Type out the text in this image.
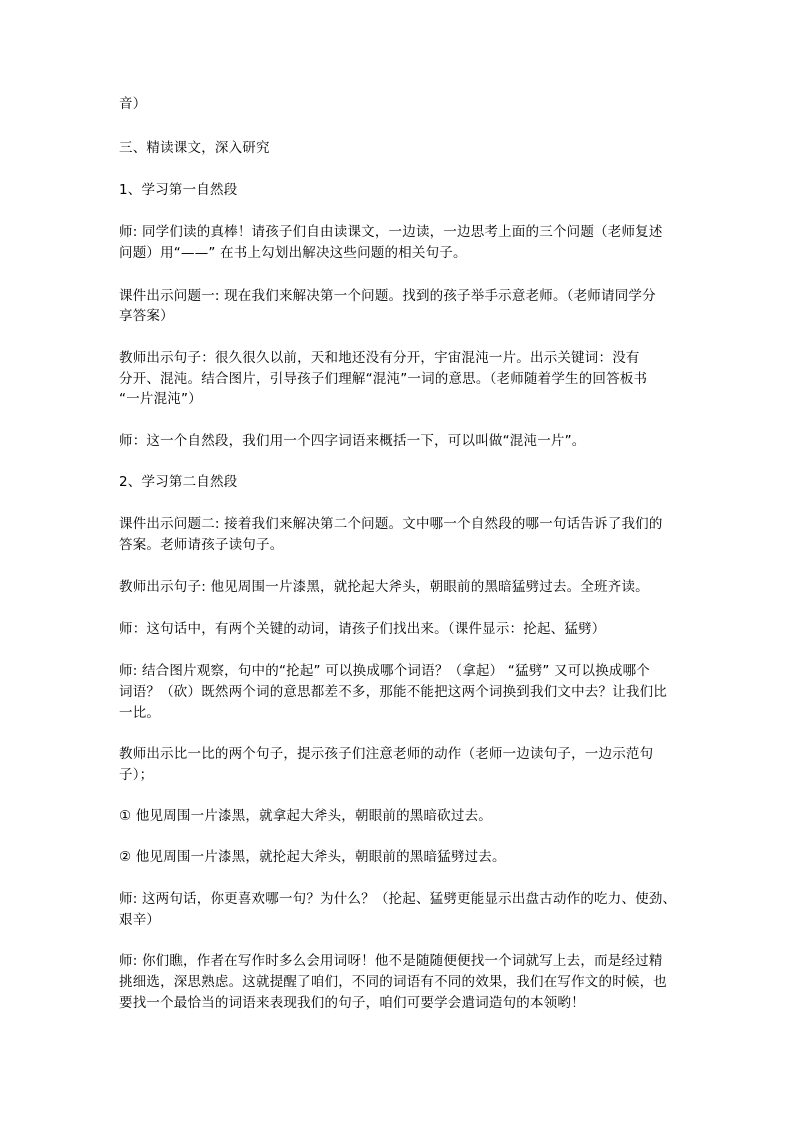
音）
三、精读课文，深入研究
1、学习第一自然段
师: 同学们读的真棒！请孩子们自由读课文，一边读，一边思考上面的三个问题（老师复述
问题）用“——” 在书上勾划出解决这些问题的相关句子。
课件出示问题一: 现在我们来解决第一个问题。找到的孩子举手示意老师。（老师请同学分
享答案）
教师出示句子：很久很久以前，天和地还没有分开，宇宙混沌一片。出示关键词：没有
分开、混沌。结合图片，引导孩子们理解“混沌”一词的意思。（老师随着学生的回答板书
“一片混沌”）
师：这一个自然段，我们用一个四字词语来概括一下，可以叫做“混沌一片”。
2、学习第二自然段
课件出示问题二: 接着我们来解决第二个问题。文中哪一个自然段的哪一句话告诉了我们的
答案。老师请孩子读句子。
教师出示句子: 他见周围一片漆黑，就抡起大斧头，朝眼前的黑暗猛劈过去。全班齐读。
师：这句话中，有两个关键的动词，请孩子们找出来。（课件显示：抡起、猛劈）
师: 结合图片观察，句中的“抡起” 可以换成哪个词语？（拿起） “猛劈” 又可以换成哪个
词语？（砍）既然两个词的意思都差不多，那能不能把这两个词换到我们文中去？让我们比
一比。
教师出示比一比的两个句子，提示孩子们注意老师的动作（老师一边读句子，一边示范句
子）；
① 他见周围一片漆黑，就拿起大斧头，朝眼前的黑暗砍过去。
② 他见周围一片漆黑，就抡起大斧头，朝眼前的黑暗猛劈过去。
师: 这两句话，你更喜欢哪一句？为什么？（抡起、猛劈更能显示出盘古动作的吃力、使劲、
艰辛）
师: 你们瞧，作者在写作时多么会用词呀！他不是随随便便找一个词就写上去，而是经过精
挑细选，深思熟虑。这就提醒了咱们，不同的词语有不同的效果，我们在写作文的时候，也
要找一个最恰当的词语来表现我们的句子，咱们可要学会遣词造句的本领哟！
